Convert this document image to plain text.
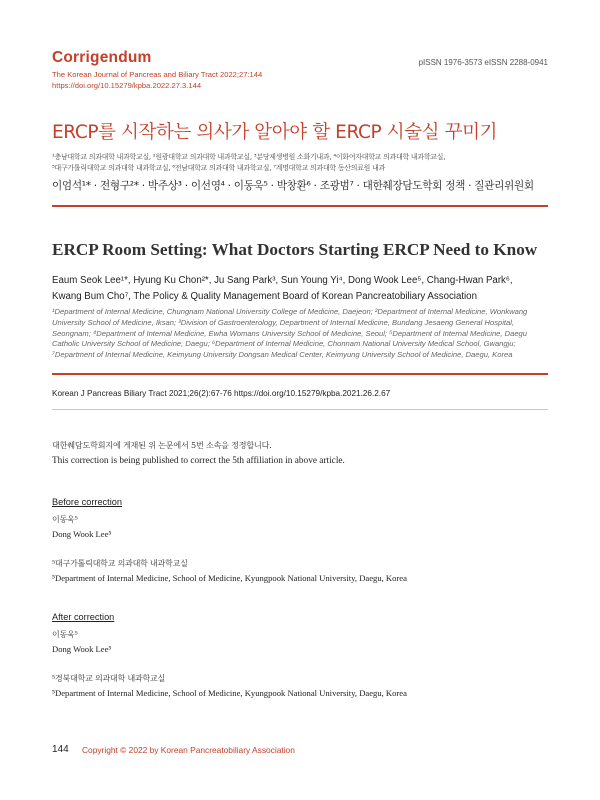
Corrigendum
The Korean Journal of Pancreas and Biliary Tract 2022;27:144
https://doi.org/10.15279/kpba.2022.27.3.144
pISSN 1976-3573 eISSN 2288-0941
ERCP를 시작하는 의사가 알아야 할 ERCP 시술실 꾸미기
¹충남대학교 의과대학 내과학교실, ²원광대학교 의과대학 내과학교실, ³분당제생병원 소화기내과, ⁴이화여자대학교 의과대학 내과학교실,
⁵대구가톨릭대학교 의과대학 내과학교실, ⁶전남대학교 의과대학 내과학교실, ⁷계명대학교 의과대학 동산의료원 내과
이엄석¹* · 전형구²* · 박주상³ · 이선영⁴ · 이동욱⁵ · 박창환⁶ · 조광범⁷ · 대한췌장담도학회 정책 · 질관리위원회
ERCP Room Setting: What Doctors Starting ERCP Need to Know
Eaum Seok Lee¹*, Hyung Ku Chon²*, Ju Sang Park³, Sun Young Yi⁴, Dong Wook Lee⁵, Chang-Hwan Park⁶,
Kwang Bum Cho⁷, The Policy & Quality Management Board of Korean Pancreatobiliary Association
¹Department of Internal Medicine, Chungnam National University College of Medicine, Daejeon; ²Department of Internal Medicine, Wonkwang
University School of Medicine, Iksan; ³Division of Gastroenterology, Department of Internal Medicine, Bundang Jesaeng General Hospital,
Seongnam; ⁴Department of Internal Medicine, Ewha Womans University School of Medicine, Seoul; ⁵Department of Internal Medicine, Daegu
Catholic University School of Medicine, Daegu; ⁶Department of Internal Medicine, Chonnam National University Medical School, Gwangju;
⁷Department of Internal Medicine, Keimyung University Dongsan Medical Center, Keimyung University School of Medicine, Daegu, Korea
Korean J Pancreas Biliary Tract 2021;26(2):67-76 https://doi.org/10.15279/kpba.2021.26.2.67
대한췌담도학회지에 게재된 위 논문에서 5번 소속을 정정합니다.
This correction is being published to correct the 5th affiliation in above article.
Before correction
이동욱⁵
Dong Wook Lee⁵
⁵대구가톨릭대학교 의과대학 내과학교실
⁵Department of Internal Medicine, School of Medicine, Kyungpook National University, Daegu, Korea
After correction
이동욱⁵
Dong Wook Lee⁵
⁵경북대학교 의과대학 내과학교실
⁵Department of Internal Medicine, School of Medicine, Kyungpook National University, Daegu, Korea
144 Copyright © 2022 by Korean Pancreatobiliary Association
